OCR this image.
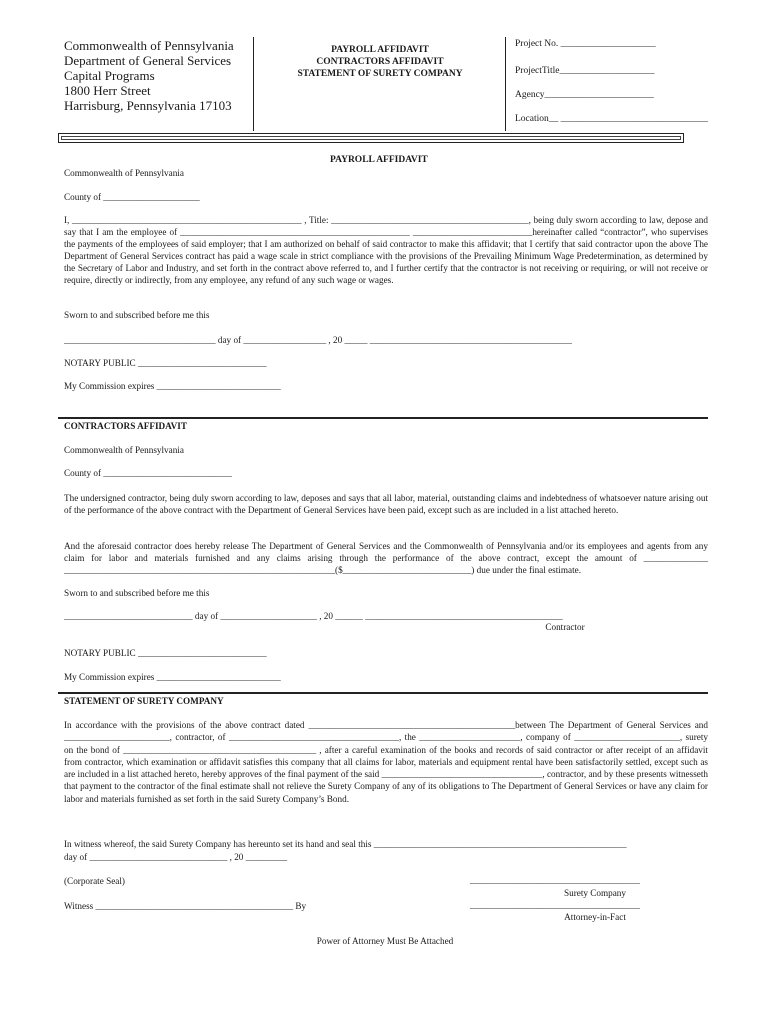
Commonwealth of Pennsylvania
Department of General Services
Capital Programs
1800 Herr Street
Harrisburg, Pennsylvania 17103
PAYROLL AFFIDAVIT
CONTRACTORS AFFIDAVIT
STATEMENT OF SURETY COMPANY
Project No. ____________________
ProjectTitle____________________
Agency_______________________
Location__ _______________________________
PAYROLL AFFIDAVIT
Commonwealth of Pennsylvania
County of _____________________
I, __________________________________________________ , Title: ___________________________________________, being duly sworn according to law, depose and say that I am the employee of __________________________________________________ __________________________hereinafter called “contractor”, who supervises the payments of the employees of said employer; that I am authorized on behalf of said contractor to make this affidavit; that I certify that said contractor upon the above The Department of General Services contract has paid a wage scale in strict compliance with the provisions of the Prevailing Minimum Wage Predetermination, as determined by the Secretary of Labor and Industry, and set forth in the contract above referred to, and I further certify that the contractor is not receiving or requiring, or will not receive or require, directly or indirectly, from any employee, any refund of any such wage or wages.
Sworn to and subscribed before me this
_________________________________ day of __________________ , 20 _____ ____________________________________________
NOTARY PUBLIC ____________________________
My Commission expires ___________________________
CONTRACTORS AFFIDAVIT
Commonwealth of Pennsylvania
County of ____________________________
The undersigned contractor, being duly sworn according to law, deposes and says that all labor, material, outstanding claims and indebtedness of whatsoever nature arising out of the performance of the above contract with the Department of General Services have been paid, except such as are included in a list attached hereto.
And the aforesaid contractor does hereby release The Department of General Services and the Commonwealth of Pennsylvania and/or its employees and agents from any claim for labor and materials furnished and any claims arising through the performance of the above contract, except the amount of ______________ ___________________________________________________________($____________________________) due under the final estimate.
Sworn to and subscribed before me this
____________________________ day of _____________________ , 20 ______ ___________________________________________
Contractor
NOTARY PUBLIC ____________________________
My Commission expires ___________________________
STATEMENT OF SURETY COMPANY
In accordance with the provisions of the above contract dated _____________________________________________between The Department of General Services and _______________________, contractor, of _____________________________________, the ______________________, company of _______________________, surety on the bond of __________________________________________ , after a careful examination of the books and records of said contractor or after receipt of an affidavit from contractor, which examination or affidavit satisfies this company that all claims for labor, materials and equipment rental have been satisfactorily settled, except such as are included in a list attached hereto, hereby approves of the final payment of the said ___________________________________, contractor, and by these presents witnesseth that payment to the contractor of the final estimate shall not relieve the Surety Company of any of its obligations to The Department of General Services or have any claim for labor and materials furnished as set forth in the said Surety Company’s Bond.
In witness whereof, the said Surety Company has hereunto set its hand and seal this _______________________________________________________
day of ______________________________ , 20 _________
(Corporate Seal)	_____________________________________
Surety Company
Witness ___________________________________________ By	_____________________________________
Attorney-in-Fact
Power of Attorney Must Be Attached
